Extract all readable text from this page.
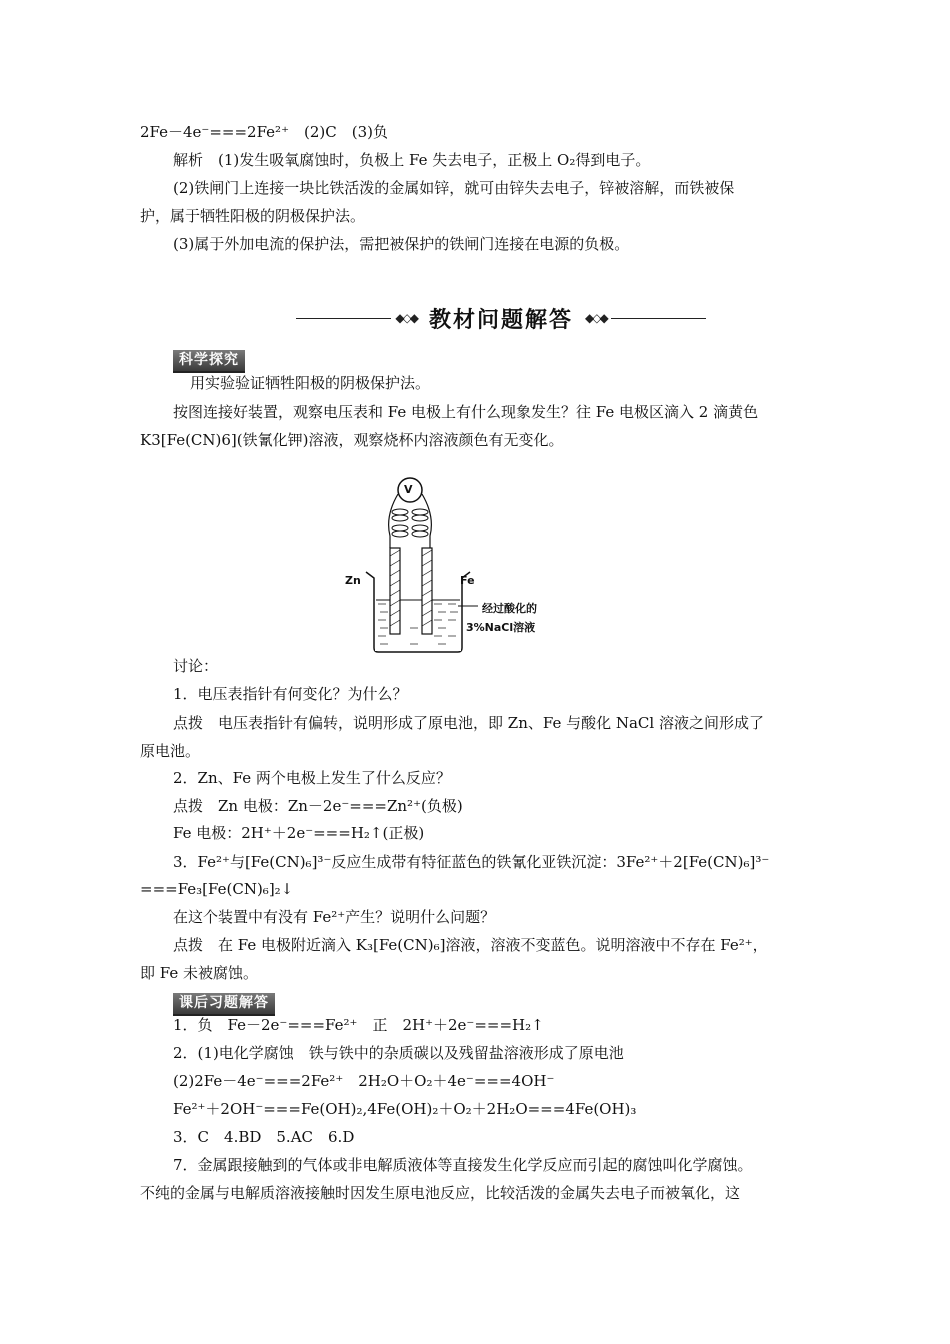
2Fe－4e⁻===2Fe²⁺　(2)C　(3)负
解析　(1)发生吸氧腐蚀时，负极上 Fe 失去电子，正极上 O₂得到电子。
(2)铁闸门上连接一块比铁活泼的金属如锌，就可由锌失去电子，锌被溶解，而铁被保
护，属于牺牲阳极的阴极保护法。
(3)属于外加电流的保护法，需把被保护的铁闸门连接在电源的负极。
◆◇◆ 教材问题解答 ◆◇◆
科学探究
用实验验证牺牲阳极的阴极保护法。
按图连接好装置，观察电压表和 Fe 电极上有什么现象发生？往 Fe 电极区滴入 2 滴黄色
K3[Fe(CN)6](铁氰化钾)溶液，观察烧杯内溶液颜色有无变化。
V
Zn	Fe
经过酸化的
3%NaCl溶液
讨论：
1．电压表指针有何变化？为什么？
点拨　电压表指针有偏转，说明形成了原电池，即 Zn、Fe 与酸化 NaCl 溶液之间形成了
原电池。
2．Zn、Fe 两个电极上发生了什么反应？
点拨　Zn 电极：Zn－2e⁻===Zn²⁺(负极)
Fe 电极：2H⁺＋2e⁻===H₂↑(正极)
3．Fe²⁺与[Fe(CN)₆]³⁻反应生成带有特征蓝色的铁氰化亚铁沉淀：3Fe²⁺＋2[Fe(CN)₆]³⁻
===Fe₃[Fe(CN)₆]₂↓
在这个装置中有没有 Fe²⁺产生？说明什么问题？
点拨　在 Fe 电极附近滴入 K₃[Fe(CN)₆]溶液，溶液不变蓝色。说明溶液中不存在 Fe²⁺，
即 Fe 未被腐蚀。
课后习题解答
1．负　Fe－2e⁻===Fe²⁺　正　2H⁺＋2e⁻===H₂↑
2．(1)电化学腐蚀　铁与铁中的杂质碳以及残留盐溶液形成了原电池
(2)2Fe－4e⁻===2Fe²⁺　2H₂O＋O₂＋4e⁻===4OH⁻
Fe²⁺＋2OH⁻===Fe(OH)₂,4Fe(OH)₂＋O₂＋2H₂O===4Fe(OH)₃
3．C　4.BD　5.AC　6.D
7．金属跟接触到的气体或非电解质液体等直接发生化学反应而引起的腐蚀叫化学腐蚀。
不纯的金属与电解质溶液接触时因发生原电池反应，比较活泼的金属失去电子而被氧化，这
